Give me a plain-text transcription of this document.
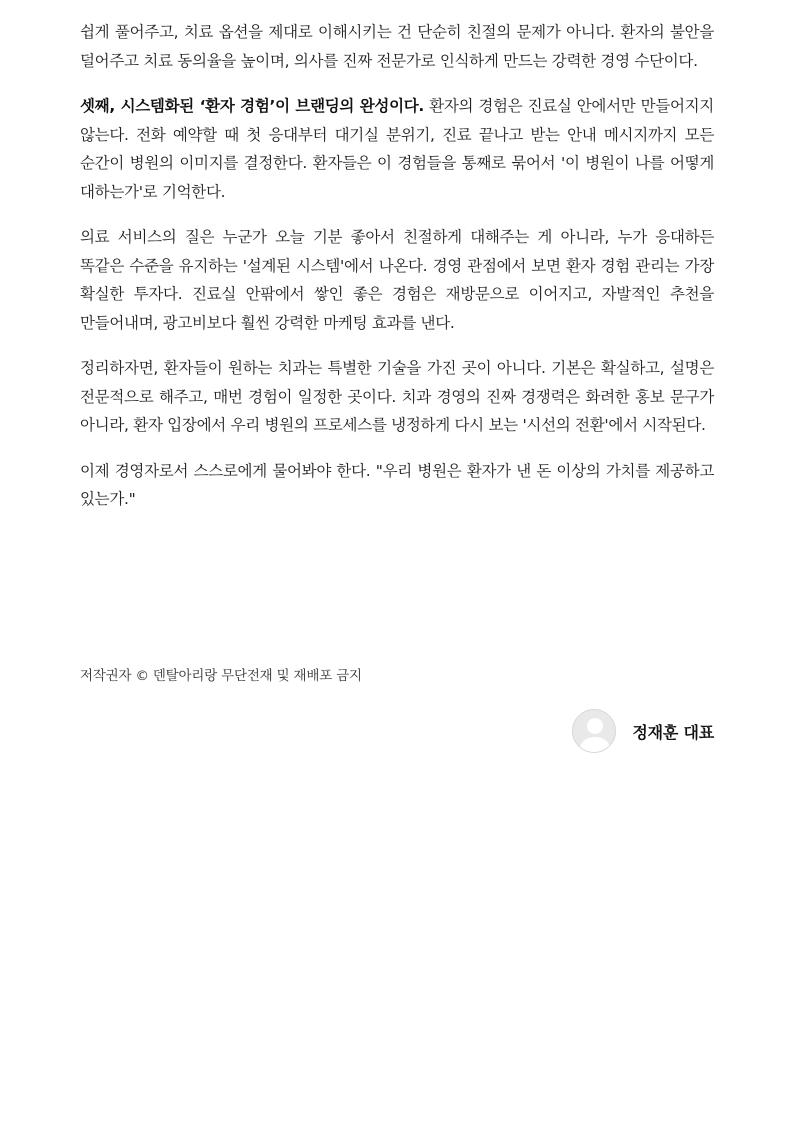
쉽게 풀어주고, 치료 옵션을 제대로 이해시키는 건 단순히 친절의 문제가 아니다. 환자의 불안을 덜어주고 치료 동의율을 높이며, 의사를 진짜 전문가로 인식하게 만드는 강력한 경영 수단이다.

셋째, 시스템화된 ‘환자 경험’이 브랜딩의 완성이다. 환자의 경험은 진료실 안에서만 만들어지지 않는다. 전화 예약할 때 첫 응대부터 대기실 분위기, 진료 끝나고 받는 안내 메시지까지 모든 순간이 병원의 이미지를 결정한다. 환자들은 이 경험들을 통째로 묶어서 '이 병원이 나를 어떻게 대하는가'로 기억한다.

의료 서비스의 질은 누군가 오늘 기분 좋아서 친절하게 대해주는 게 아니라, 누가 응대하든 똑같은 수준을 유지하는 '설계된 시스템'에서 나온다. 경영 관점에서 보면 환자 경험 관리는 가장 확실한 투자다. 진료실 안팎에서 쌓인 좋은 경험은 재방문으로 이어지고, 자발적인 추천을 만들어내며, 광고비보다 훨씬 강력한 마케팅 효과를 낸다.

정리하자면, 환자들이 원하는 치과는 특별한 기술을 가진 곳이 아니다. 기본은 확실하고, 설명은 전문적으로 해주고, 매번 경험이 일정한 곳이다. 치과 경영의 진짜 경쟁력은 화려한 홍보 문구가 아니라, 환자 입장에서 우리 병원의 프로세스를 냉정하게 다시 보는 '시선의 전환'에서 시작된다.

이제 경영자로서 스스로에게 물어봐야 한다. "우리 병원은 환자가 낸 돈 이상의 가치를 제공하고 있는가."

저작권자 © 덴탈아리랑 무단전재 및 재배포 금지
정재훈 대표
